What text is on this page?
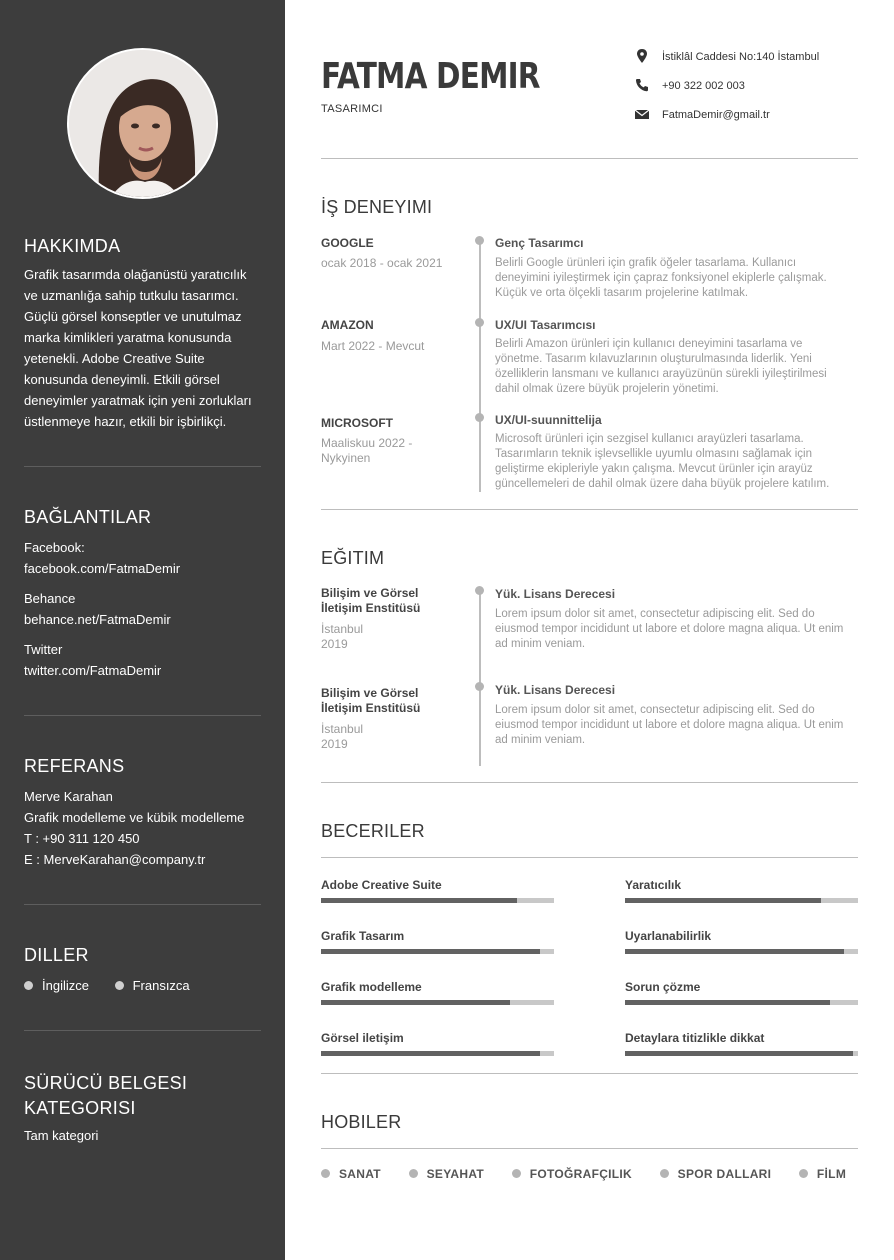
HAKKIMDA
Grafik tasarımda olağanüstü yaratıcılık
ve uzmanlığa sahip tutkulu tasarımcı.
Güçlü görsel konseptler ve unutulmaz
marka kimlikleri yaratma konusunda
yetenekli. Adobe Creative Suite
konusunda deneyimli. Etkili görsel
deneyimler yaratmak için yeni zorlukları
üstlenmeye hazır, etkili bir işbirlikçi.
BAĞLANTILAR
Facebook:
facebook.com/FatmaDemir
Behance
behance.net/FatmaDemir
Twitter
twitter.com/FatmaDemir
REFERANS
Merve Karahan
Grafik modelleme ve kübik modelleme
T : +90 311 120 450
E : MerveKarahan@company.tr
DILLER
İngilizce	Fransızca
SÜRÜCÜ BELGESI
KATEGORISI
Tam kategori
FATMA DEMIR
TASARIMCI
İstiklâl Caddesi No:140 İstambul
+90 322 002 003
FatmaDemir@gmail.tr
İŞ DENEYIMI
GOOGLE
ocak 2018 - ocak 2021
Genç Tasarımcı
Belirli Google ürünleri için grafik öğeler tasarlama. Kullanıcı
deneyimini iyileştirmek için çapraz fonksiyonel ekiplerle çalışmak.
Küçük ve orta ölçekli tasarım projelerine katılmak.
AMAZON
Mart 2022 - Mevcut
UX/UI Tasarımcısı
Belirli Amazon ürünleri için kullanıcı deneyimini tasarlama ve
yönetme. Tasarım kılavuzlarının oluşturulmasında liderlik. Yeni
özelliklerin lansmanı ve kullanıcı arayüzünün sürekli iyileştirilmesi
dahil olmak üzere büyük projelerin yönetimi.
MICROSOFT
Maaliskuu 2022 -
Nykyinen
UX/UI-suunnittelija
Microsoft ürünleri için sezgisel kullanıcı arayüzleri tasarlama.
Tasarımların teknik işlevsellikle uyumlu olmasını sağlamak için
geliştirme ekipleriyle yakın çalışma. Mevcut ürünler için arayüz
güncellemeleri de dahil olmak üzere daha büyük projelere katılım.
EĞITIM
Bilişim ve Görsel
İletişim Enstitüsü
İstanbul
2019
Yük. Lisans Derecesi
Lorem ipsum dolor sit amet, consectetur adipiscing elit. Sed do
eiusmod tempor incididunt ut labore et dolore magna aliqua. Ut enim
ad minim veniam.
Bilişim ve Görsel
İletişim Enstitüsü
İstanbul
2019
Yük. Lisans Derecesi
Lorem ipsum dolor sit amet, consectetur adipiscing elit. Sed do
eiusmod tempor incididunt ut labore et dolore magna aliqua. Ut enim
ad minim veniam.
BECERILER
Adobe Creative Suite	Yaratıcılık
Grafik Tasarım	Uyarlanabilirlik
Grafik modelleme	Sorun çözme
Görsel iletişim	Detaylara titizlikle dikkat
HOBILER
SANAT	SEYAHAT	FOTOĞRAFÇILIK	SPOR DALLARI	FİLM
